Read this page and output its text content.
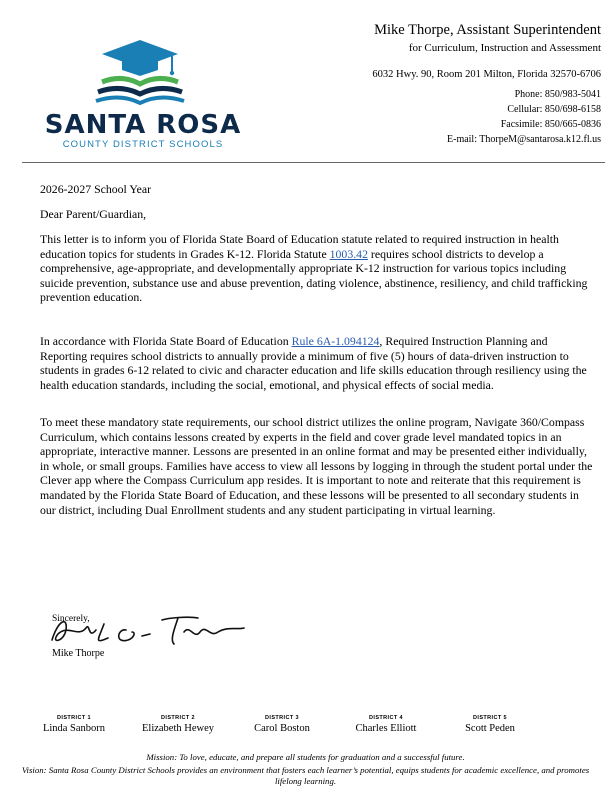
SANTA ROSA
COUNTY DISTRICT SCHOOLS
Mike Thorpe, Assistant Superintendent
for Curriculum, Instruction and Assessment
6032 Hwy. 90, Room 201 Milton, Florida 32570-6706
Phone: 850/983-5041
Cellular: 850/698-6158
Facsimile: 850/665-0836
E-mail: ThorpeM@santarosa.k12.fl.us
2026-2027 School Year
Dear Parent/Guardian,
This letter is to inform you of Florida State Board of Education statute related to required instruction in health education topics for students in Grades K-12. Florida Statute 1003.42 requires school districts to develop a comprehensive, age-appropriate, and developmentally appropriate K-12 instruction for various topics including suicide prevention, substance use and abuse prevention, dating violence, abstinence, resiliency, and child trafficking prevention education.
In accordance with Florida State Board of Education Rule 6A-1.094124, Required Instruction Planning and Reporting requires school districts to annually provide a minimum of five (5) hours of data-driven instruction to students in grades 6-12 related to civic and character education and life skills education through resiliency using the health education standards, including the social, emotional, and physical effects of social media.
To meet these mandatory state requirements, our school district utilizes the online program, Navigate 360/Compass Curriculum, which contains lessons created by experts in the field and cover grade level mandated topics in an appropriate, interactive manner. Lessons are presented in an online format and may be presented either individually, in whole, or small groups. Families have access to view all lessons by logging in through the student portal under the Clever app where the Compass Curriculum app resides. It is important to note and reiterate that this requirement is mandated by the Florida State Board of Education, and these lessons will be presented to all secondary students in our district, including Dual Enrollment students and any student participating in virtual learning.
Sincerely,
Mike Thorpe
DISTRICT 1
Linda Sanborn
DISTRICT 2
Elizabeth Hewey
DISTRICT 3
Carol Boston
DISTRICT 4
Charles Elliott
DISTRICT 5
Scott Peden
Mission: To love, educate, and prepare all students for graduation and a successful future.
Vision: Santa Rosa County District Schools provides an environment that fosters each learner’s potential, equips students for academic excellence, and promotes lifelong learning.
